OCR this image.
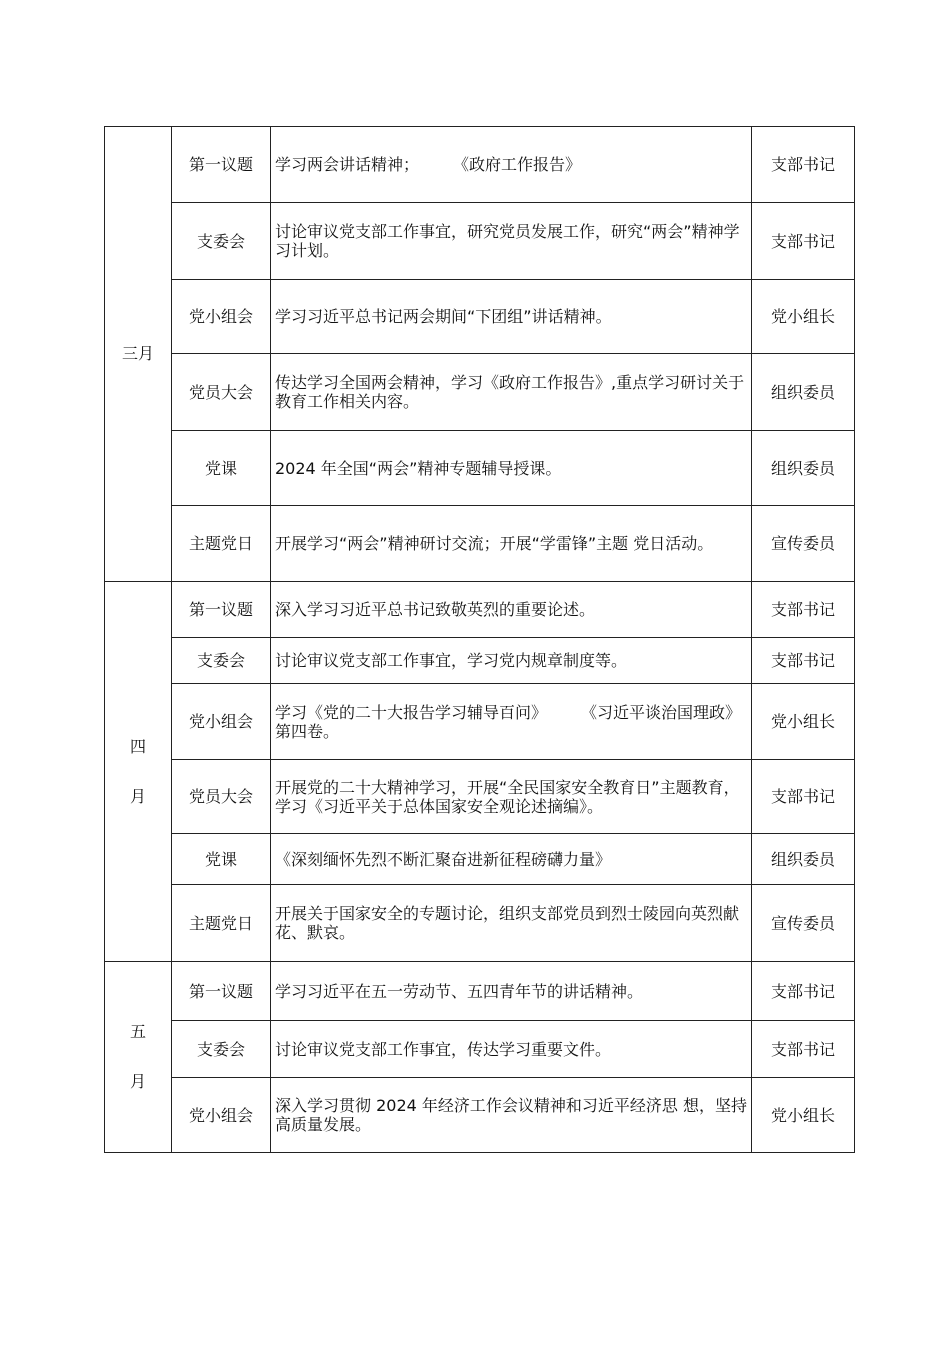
三月	第一议题	学习两会讲话精神； 《政府工作报告》	支部书记
	支委会	讨论审议党支部工作事宜，研究党员发展工作，研究“两会”精神学习计划。	支部书记
	党小组会	学习习近平总书记两会期间“下团组”讲话精神。	党小组长
	党员大会	传达学习全国两会精神，学习《政府工作报告》,重点学习研讨关于教育工作相关内容。	组织委员
	党课	2024 年全国“两会”精神专题辅导授课。	组织委员
	主题党日	开展学习“两会”精神研讨交流；开展“学雷锋”主题 党日活动。	宣传委员

四
月	第一议题	深入学习习近平总书记致敬英烈的重要论述。	支部书记
	支委会	讨论审议党支部工作事宜，学习党内规章制度等。	支部书记
	党小组会	学习《党的二十大报告学习辅导百问》 《习近平谈治国理政》第四卷。	党小组长
	党员大会	开展党的二十大精神学习，开展“全民国家安全教育日”主题教育，学习《习近平关于总体国家安全观论述摘编》。	支部书记
	党课	《深刻缅怀先烈不断汇聚奋进新征程磅礴力量》	组织委员
	主题党日	开展关于国家安全的专题讨论，组织支部党员到烈士陵园向英烈献花、默哀。	宣传委员

五
月	第一议题	学习习近平在五一劳动节、五四青年节的讲话精神。	支部书记
	支委会	讨论审议党支部工作事宜，传达学习重要文件。	支部书记
	党小组会	深入学习贯彻 2024 年经济工作会议精神和习近平经济思 想，坚持高质量发展。	党小组长
